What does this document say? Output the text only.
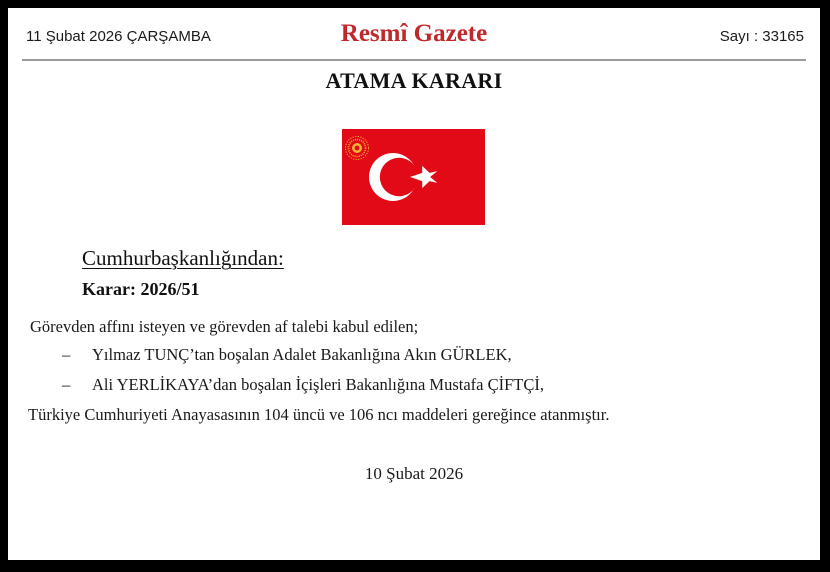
11 Şubat 2026 ÇARŞAMBA	Resmî Gazete	Sayı : 33165
ATAMA KARARI
Cumhurbaşkanlığından:
Karar: 2026/51
Görevden affını isteyen ve görevden af talebi kabul edilen;
– Yılmaz TUNÇ’tan boşalan Adalet Bakanlığına Akın GÜRLEK,
– Ali YERLİKAYA’dan boşalan İçişleri Bakanlığına Mustafa ÇİFTÇİ,
Türkiye Cumhuriyeti Anayasasının 104 üncü ve 106 ncı maddeleri gereğince atanmıştır.
10 Şubat 2026
